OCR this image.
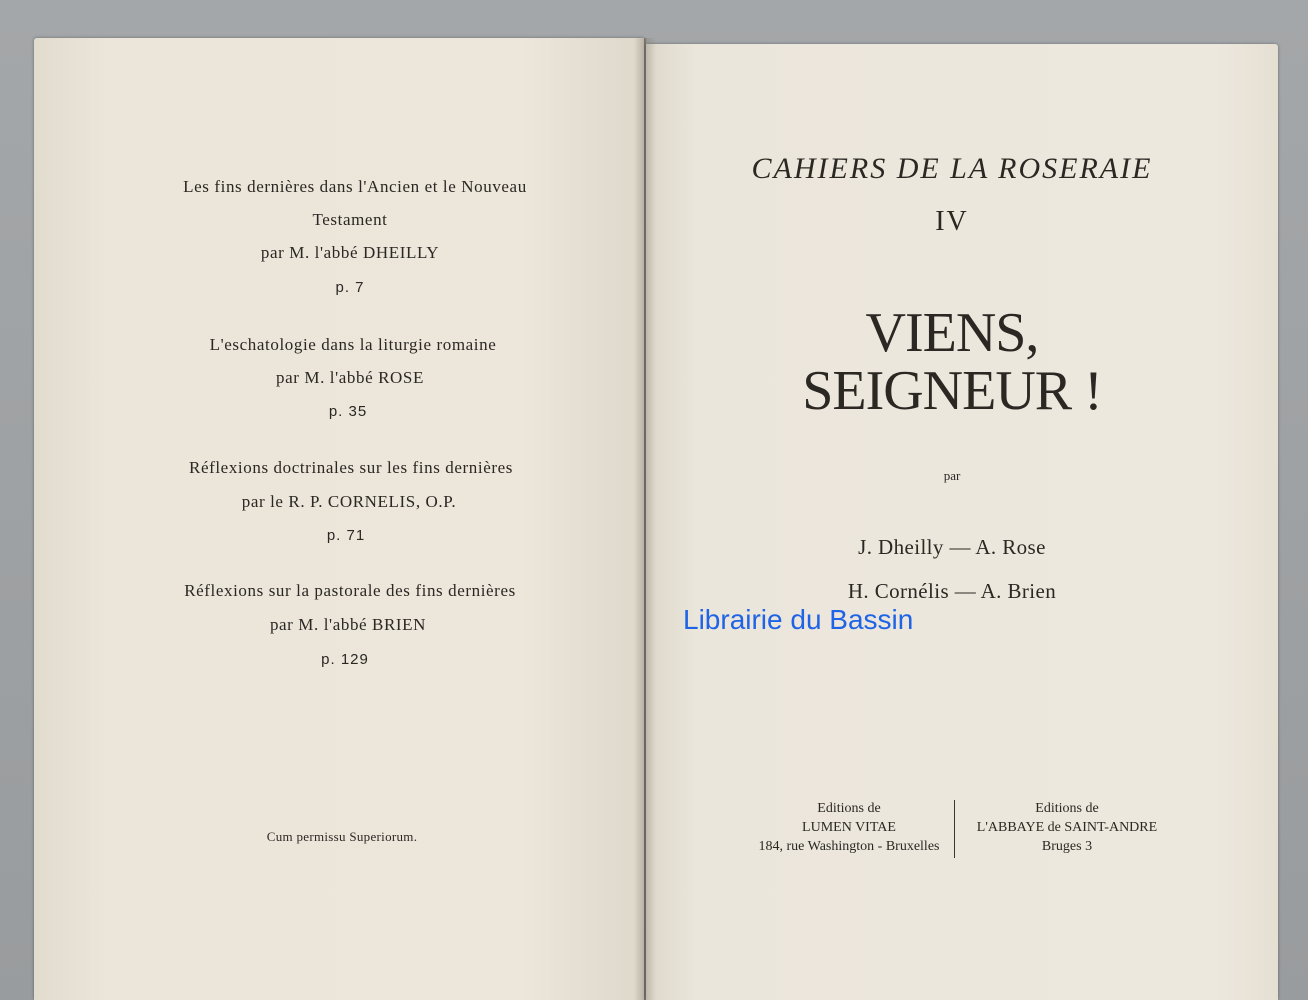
Les fins dernières dans l'Ancien et le Nouveau
Testament
par M. l'abbé DHEILLY
p. 7
L'eschatologie dans la liturgie romaine
par M. l'abbé ROSE
p. 35
Réflexions doctrinales sur les fins dernières
par le R. P. CORNELIS, O.P.
p. 71
Réflexions sur la pastorale des fins dernières
par M. l'abbé BRIEN
p. 129
Cum permissu Superiorum.
CAHIERS DE LA ROSERAIE
IV
VIENS,
SEIGNEUR !
par
J. Dheilly — A. Rose
H. Cornélis — A. Brien
Editions de
LUMEN VITAE
184, rue Washington - Bruxelles
Editions de
L'ABBAYE de SAINT-ANDRE
Bruges 3
Librairie du Bassin
